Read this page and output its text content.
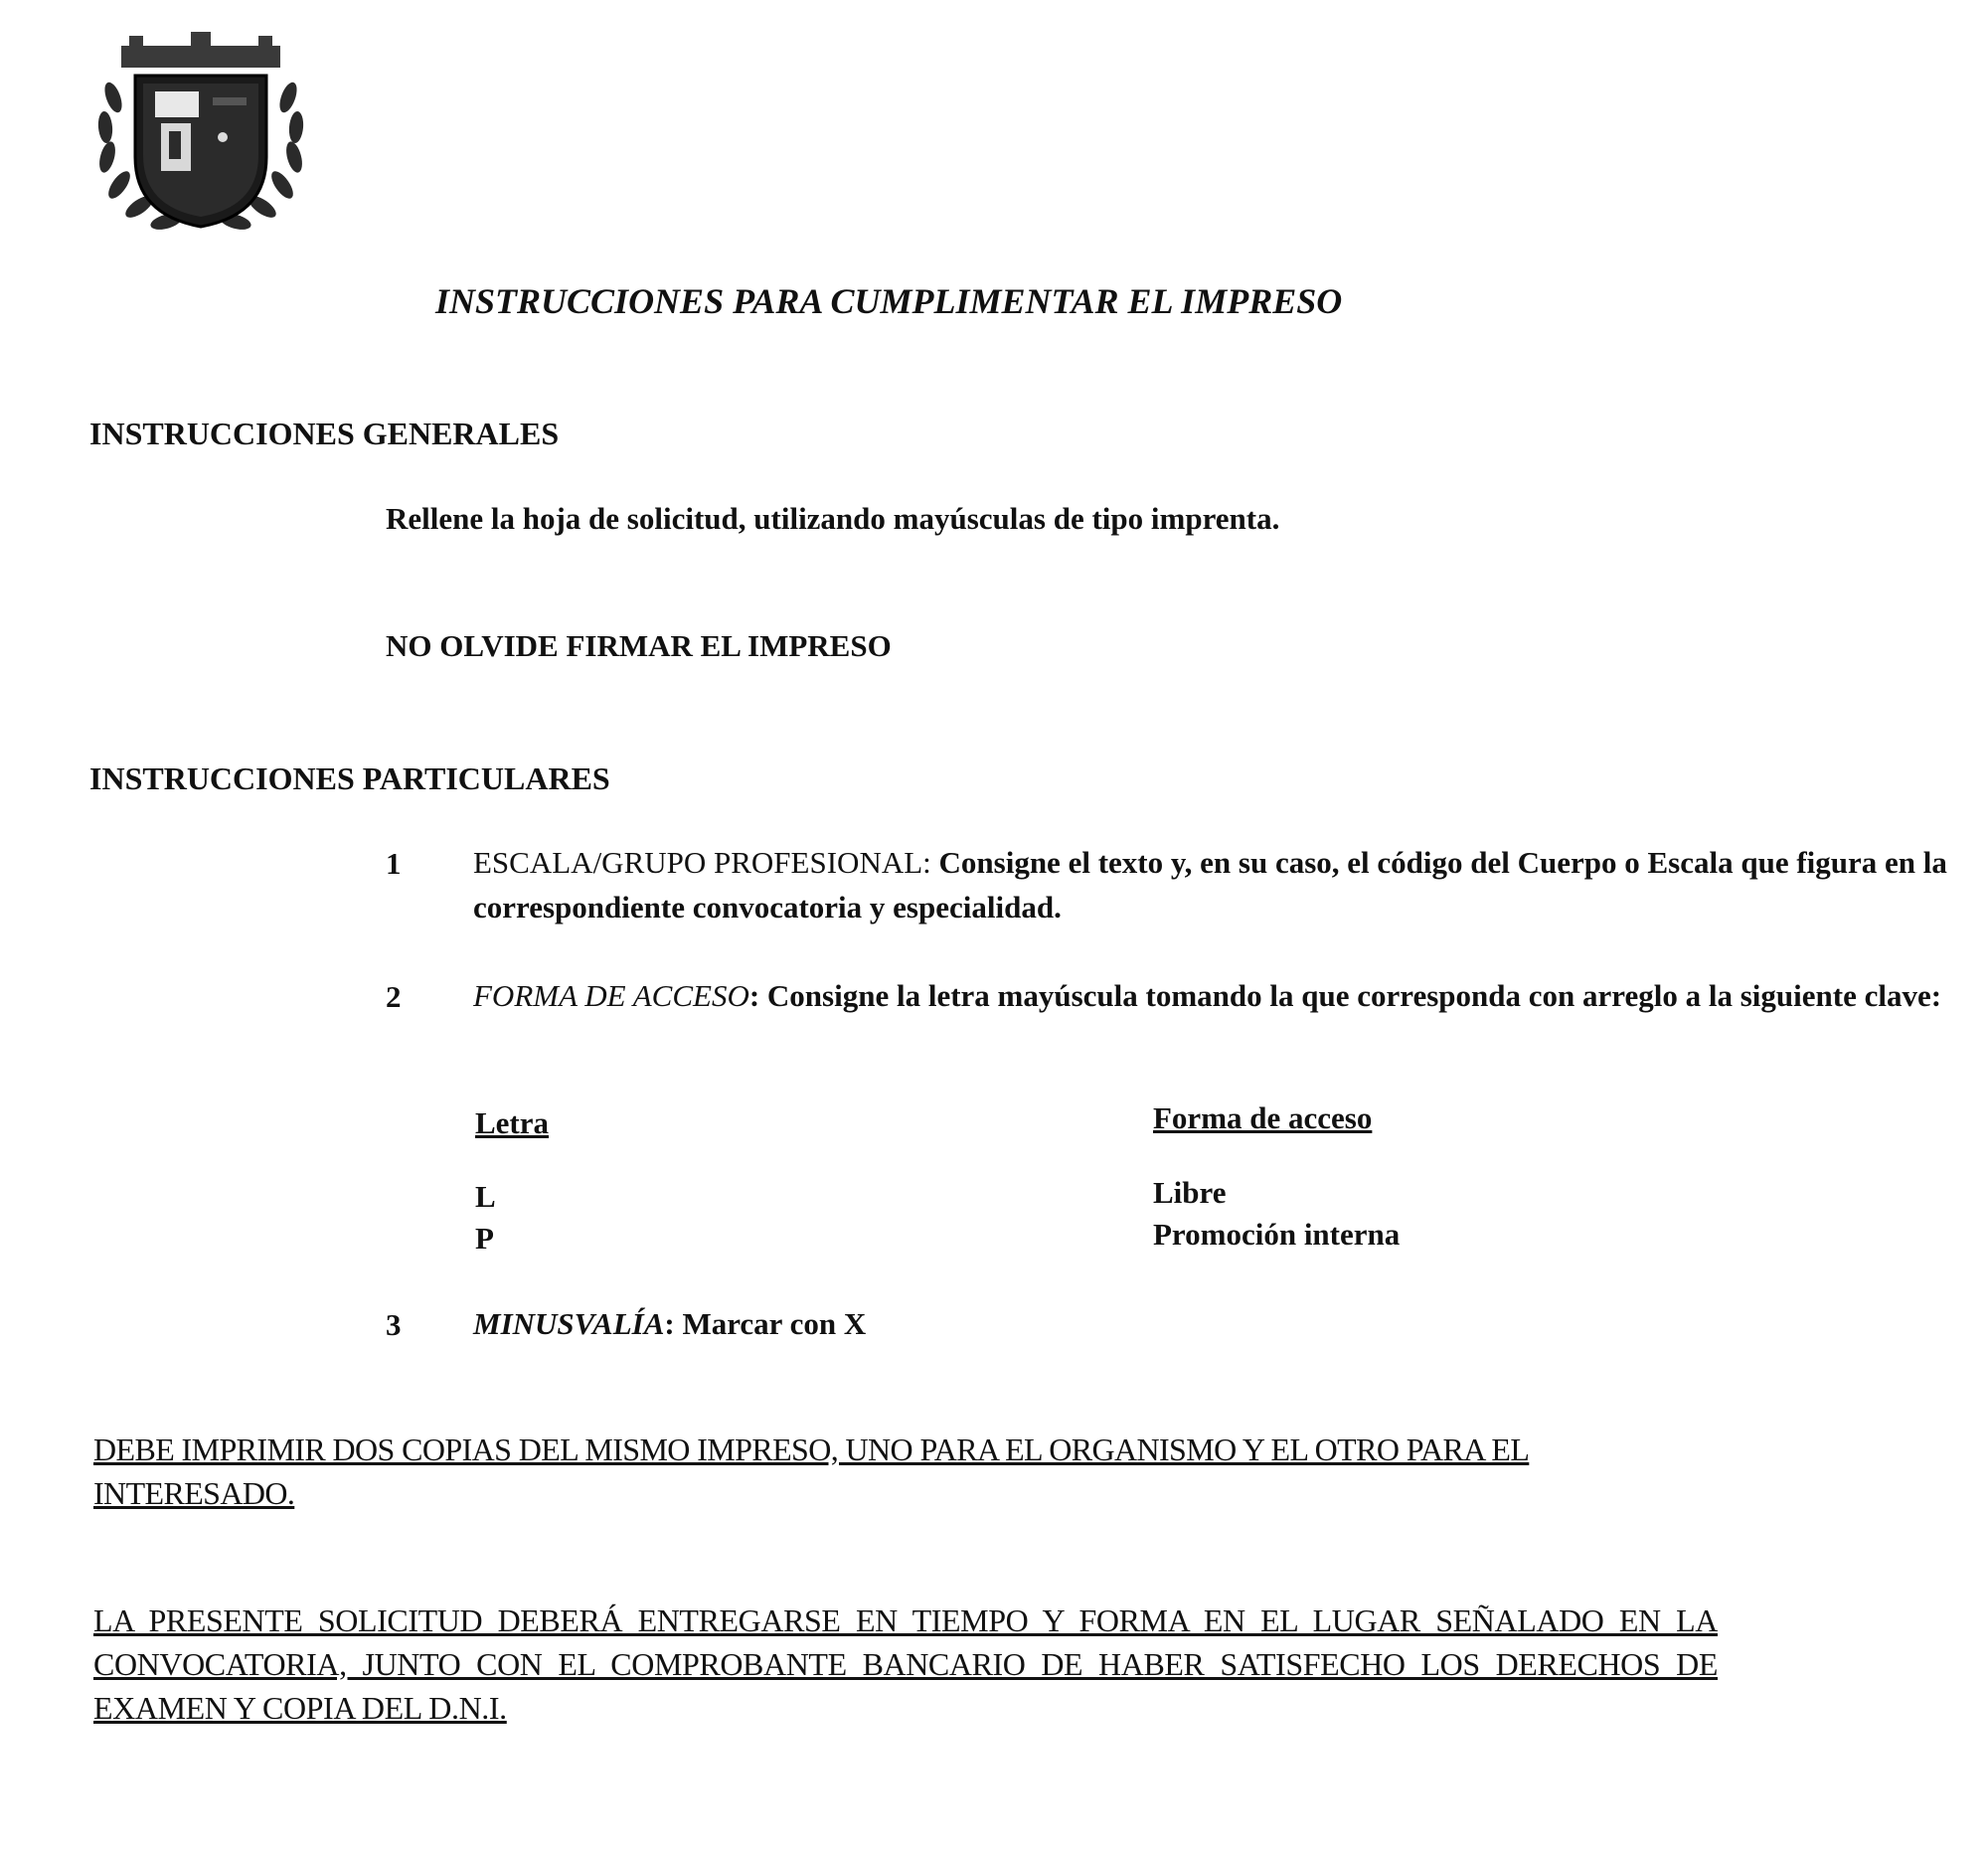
INSTRUCCIONES PARA CUMPLIMENTAR EL IMPRESO
INSTRUCCIONES GENERALES
Rellene la hoja de solicitud, utilizando mayúsculas de tipo imprenta.
NO OLVIDE FIRMAR EL IMPRESO
INSTRUCCIONES PARTICULARES
1 ESCALA/GRUPO PROFESIONAL: Consigne el texto y, en su caso, el código del Cuerpo o Escala que figura en la correspondiente convocatoria y especialidad.
2 FORMA DE ACCESO: Consigne la letra mayúscula tomando la que corresponda con arreglo a la siguiente clave:
Letra	Forma de acceso
L	Libre
P	Promoción interna
3 MINUSVALÍA: Marcar con X
DEBE IMPRIMIR DOS COPIAS DEL MISMO IMPRESO, UNO PARA EL ORGANISMO Y EL OTRO PARA EL INTERESADO.
LA PRESENTE SOLICITUD DEBERÁ ENTREGARSE EN TIEMPO Y FORMA EN EL LUGAR SEÑALADO EN LA CONVOCATORIA, JUNTO CON EL COMPROBANTE BANCARIO DE HABER SATISFECHO LOS DERECHOS DE EXAMEN Y COPIA DEL D.N.I.
